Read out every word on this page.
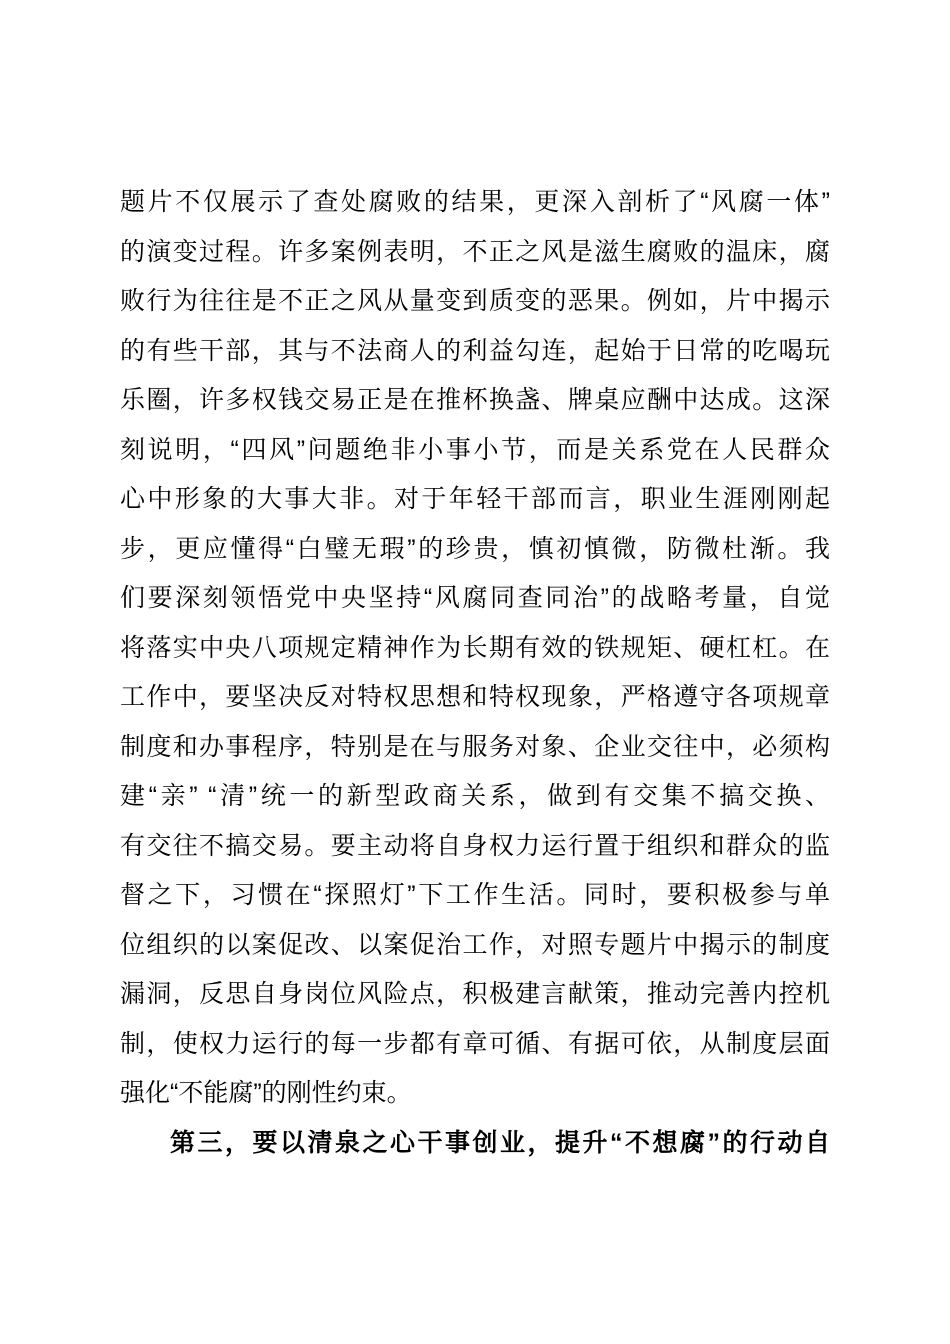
题片不仅展示了查处腐败的结果，更深入剖析了“风腐一体”
的演变过程。许多案例表明，不正之风是滋生腐败的温床，腐
败行为往往是不正之风从量变到质变的恶果。例如，片中揭示
的有些干部，其与不法商人的利益勾连，起始于日常的吃喝玩
乐圈，许多权钱交易正是在推杯换盏、牌桌应酬中达成。这深
刻说明，“四风”问题绝非小事小节，而是关系党在人民群众
心中形象的大事大非。对于年轻干部而言，职业生涯刚刚起
步，更应懂得“白璧无瑕”的珍贵，慎初慎微，防微杜渐。我
们要深刻领悟党中央坚持“风腐同查同治”的战略考量，自觉
将落实中央八项规定精神作为长期有效的铁规矩、硬杠杠。在
工作中，要坚决反对特权思想和特权现象，严格遵守各项规章
制度和办事程序，特别是在与服务对象、企业交往中，必须构
建“亲” “清”统一的新型政商关系，做到有交集不搞交换、
有交往不搞交易。要主动将自身权力运行置于组织和群众的监
督之下，习惯在“探照灯”下工作生活。同时，要积极参与单
位组织的以案促改、以案促治工作，对照专题片中揭示的制度
漏洞，反思自身岗位风险点，积极建言献策，推动完善内控机
制，使权力运行的每一步都有章可循、有据可依，从制度层面
强化“不能腐”的刚性约束。
第三，要以清泉之心干事创业，提升“不想腐”的行动自
